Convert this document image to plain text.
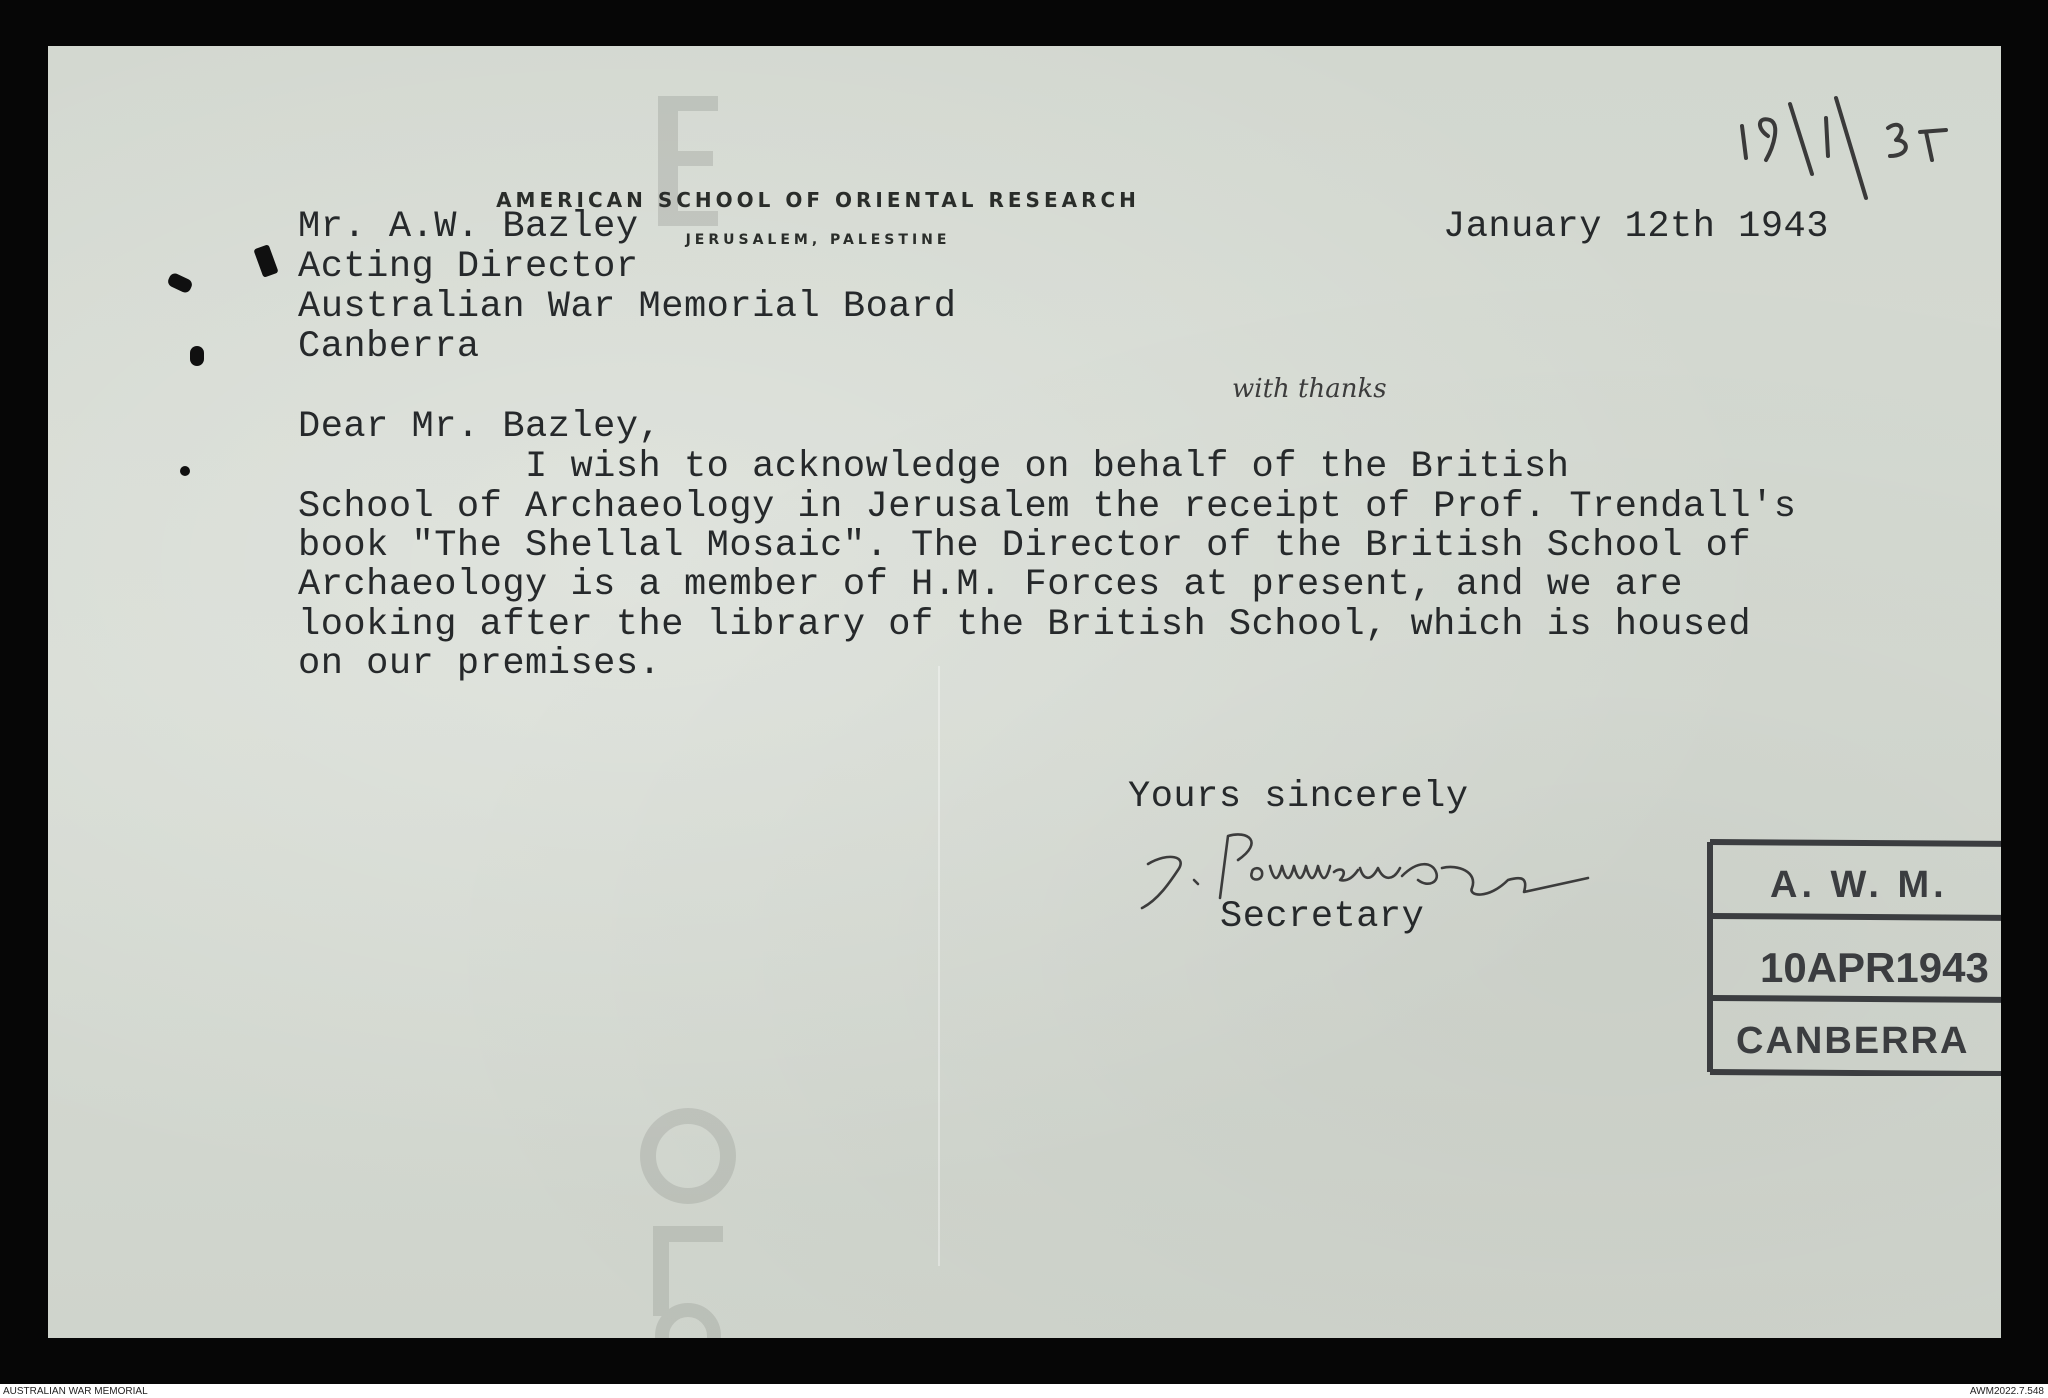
AMERICAN SCHOOL OF ORIENTAL RESEARCH
JERUSALEM, PALESTINE	January 12th 1943
Mr. A.W. Bazley
Acting Director
Australian War Memorial Board
Canberra
Dear Mr. Bazley,
with thanks
I wish to acknowledge on behalf of the British
School of Archaeology in Jerusalem the receipt of Prof. Trendall's
book "The Shellal Mosaic". The Director of the British School of
Archaeology is a member of H.M. Forces at present, and we are
looking after the library of the British School, which is housed
on our premises.
Yours sincerely
Secretary
A. W. M.
10APR1943
CANBERRA
AUSTRALIAN WAR MEMORIAL	AWM2022.7.548
